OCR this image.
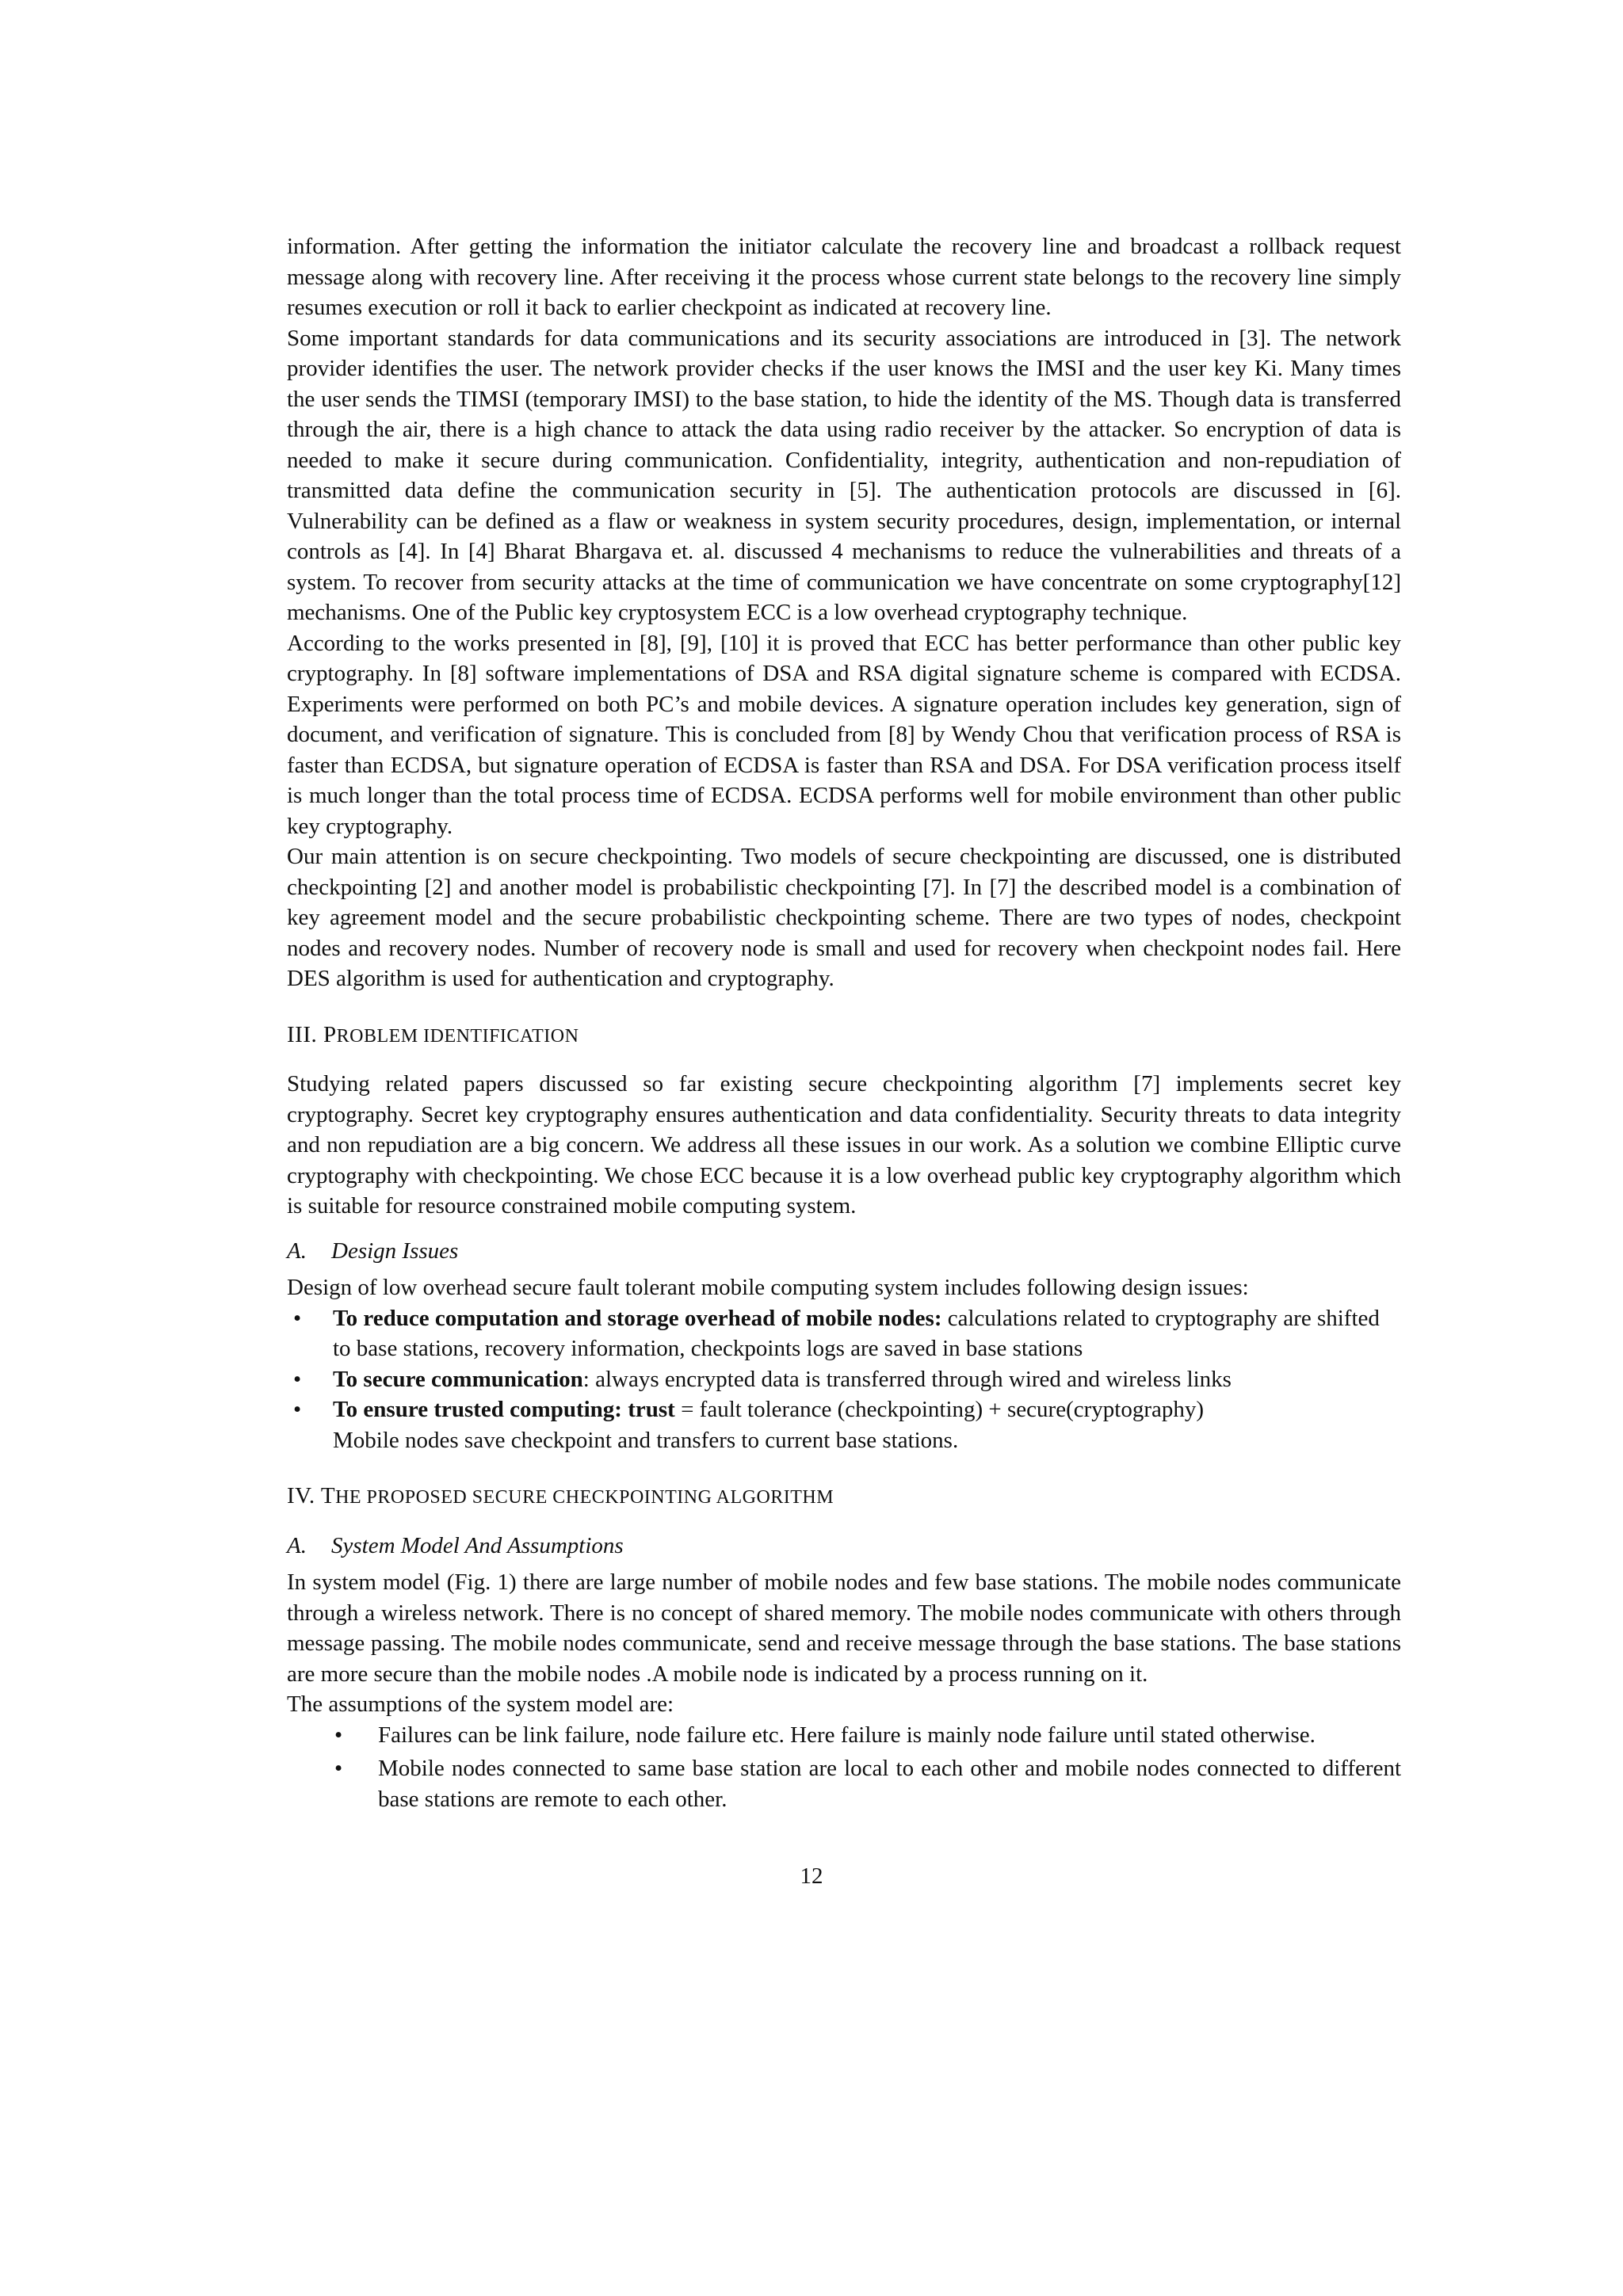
information. After getting the information the initiator calculate the recovery line and broadcast a rollback request message along with recovery line. After receiving it the process whose current state belongs to the recovery line simply resumes execution or roll it back to earlier checkpoint as indicated at recovery line.

Some important standards for data communications and its security associations are introduced in [3]. The network provider identifies the user. The network provider checks if the user knows the IMSI and the user key Ki. Many times the user sends the TIMSI (temporary IMSI) to the base station, to hide the identity of the MS. Though data is transferred through the air, there is a high chance to attack the data using radio receiver by the attacker. So encryption of data is needed to make it secure during communication. Confidentiality, integrity, authentication and non-repudiation of transmitted data define the communication security in [5]. The authentication protocols are discussed in [6]. Vulnerability can be defined as a flaw or weakness in system security procedures, design, implementation, or internal controls as [4]. In [4] Bharat Bhargava et. al. discussed 4 mechanisms to reduce the vulnerabilities and threats of a system. To recover from security attacks at the time of communication we have concentrate on some cryptography[12] mechanisms. One of the Public key cryptosystem ECC is a low overhead cryptography technique.

According to the works presented in [8], [9], [10] it is proved that ECC has better performance than other public key cryptography. In [8] software implementations of DSA and RSA digital signature scheme is compared with ECDSA. Experiments were performed on both PC’s and mobile devices. A signature operation includes key generation, sign of document, and verification of signature. This is concluded from [8] by Wendy Chou that verification process of RSA is faster than ECDSA, but signature operation of ECDSA is faster than RSA and DSA. For DSA verification process itself is much longer than the total process time of ECDSA. ECDSA performs well for mobile environment than other public key cryptography.

Our main attention is on secure checkpointing. Two models of secure checkpointing are discussed, one is distributed checkpointing [2] and another model is probabilistic checkpointing [7]. In [7] the described model is a combination of key agreement model and the secure probabilistic checkpointing scheme. There are two types of nodes, checkpoint nodes and recovery nodes. Number of recovery node is small and used for recovery when checkpoint nodes fail. Here DES algorithm is used for authentication and cryptography.

III. PROBLEM IDENTIFICATION

Studying related papers discussed so far existing secure checkpointing algorithm [7] implements secret key cryptography. Secret key cryptography ensures authentication and data confidentiality. Security threats to data integrity and non repudiation are a big concern. We address all these issues in our work. As a solution we combine Elliptic curve cryptography with checkpointing. We chose ECC because it is a low overhead public key cryptography algorithm which is suitable for resource constrained mobile computing system.

A. Design Issues

Design of low overhead secure fault tolerant mobile computing system includes following design issues:

• To reduce computation and storage overhead of mobile nodes: calculations related to cryptography are shifted to base stations, recovery information, checkpoints logs are saved in base stations
• To secure communication: always encrypted data is transferred through wired and wireless links
• To ensure trusted computing: trust = fault tolerance (checkpointing) + secure(cryptography)
Mobile nodes save checkpoint and transfers to current base stations.
IV. THE PROPOSED SECURE CHECKPOINTING ALGORITHM
A. System Model And Assumptions

In system model (Fig. 1) there are large number of mobile nodes and few base stations. The mobile nodes communicate through a wireless network. There is no concept of shared memory. The mobile nodes communicate with others through message passing. The mobile nodes communicate, send and receive message through the base stations. The base stations are more secure than the mobile nodes .A mobile node is indicated by a process running on it.

The assumptions of the system model are:

• Failures can be link failure, node failure etc. Here failure is mainly node failure until stated otherwise.
• Mobile nodes connected to same base station are local to each other and mobile nodes connected to different base stations are remote to each other.
12
